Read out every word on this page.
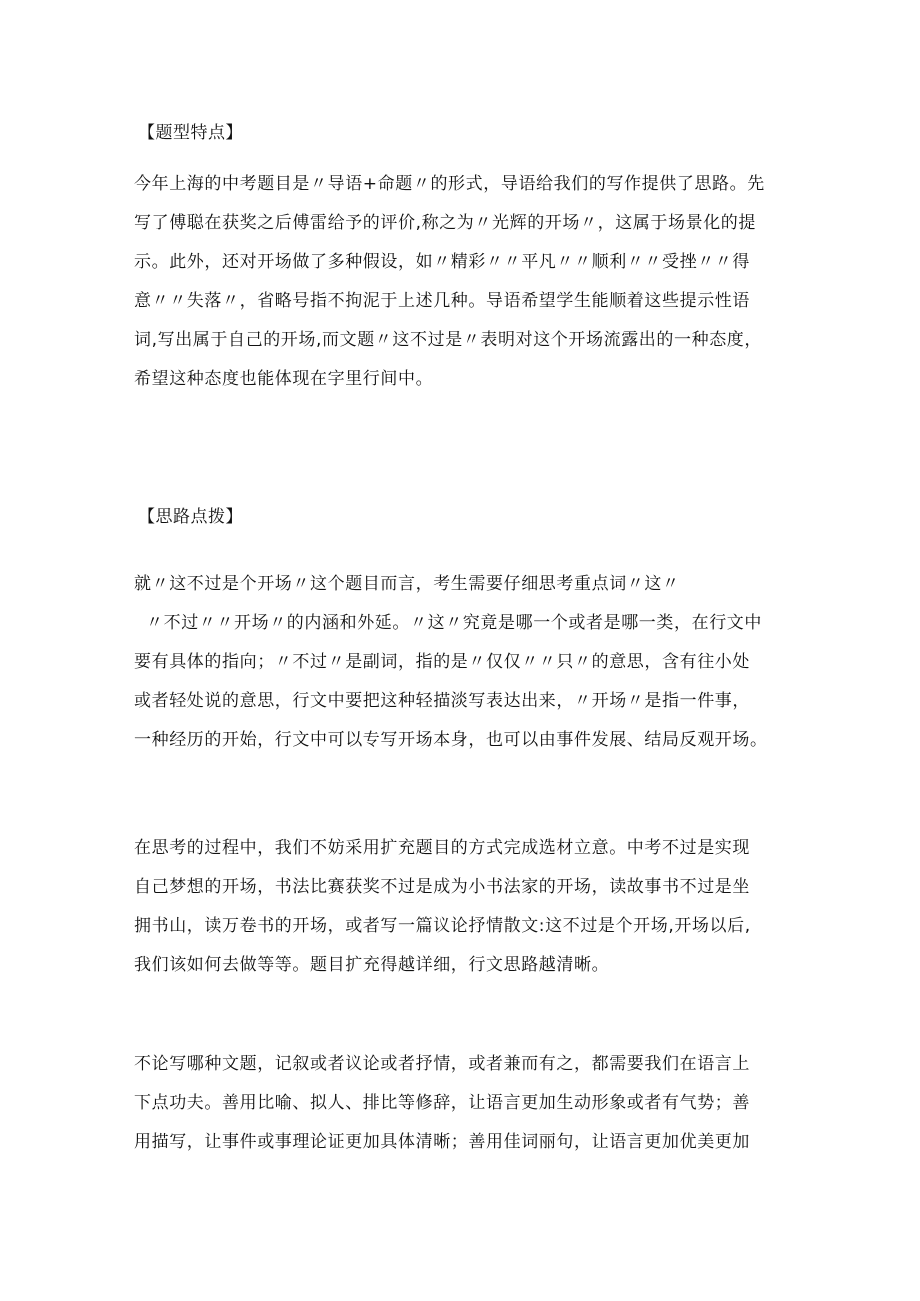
【题型特点】
今年上海的中考题目是〃导语+命题〃的形式，导语给我们的写作提供了思路。先
写了傅聪在获奖之后傅雷给予的评价,称之为〃光辉的开场〃，这属于场景化的提
示。此外，还对开场做了多种假设，如〃精彩〃〃平凡〃〃顺利〃〃受挫〃〃得
意〃〃失落〃，省略号指不拘泥于上述几种。导语希望学生能顺着这些提示性语
词,写出属于自己的开场,而文题〃这不过是〃表明对这个开场流露出的一种态度，
希望这种态度也能体现在字里行间中。
【思路点拨】
就〃这不过是个开场〃这个题目而言，考生需要仔细思考重点词〃这〃
〃不过〃〃开场〃的内涵和外延。〃这〃究竟是哪一个或者是哪一类，在行文中
要有具体的指向；〃不过〃是副词，指的是〃仅仅〃〃只〃的意思，含有往小处
或者轻处说的意思，行文中要把这种轻描淡写表达出来，〃开场〃是指一件事，
一种经历的开始，行文中可以专写开场本身，也可以由事件发展、结局反观开场。
在思考的过程中，我们不妨采用扩充题目的方式完成选材立意。中考不过是实现
自己梦想的开场，书法比赛获奖不过是成为小书法家的开场，读故事书不过是坐
拥书山，读万卷书的开场，或者写一篇议论抒情散文:这不过是个开场,开场以后,
我们该如何去做等等。题目扩充得越详细，行文思路越清晰。
不论写哪种文题，记叙或者议论或者抒情，或者兼而有之，都需要我们在语言上
下点功夫。善用比喻、拟人、排比等修辞，让语言更加生动形象或者有气势；善
用描写，让事件或事理论证更加具体清晰；善用佳词丽句，让语言更加优美更加
